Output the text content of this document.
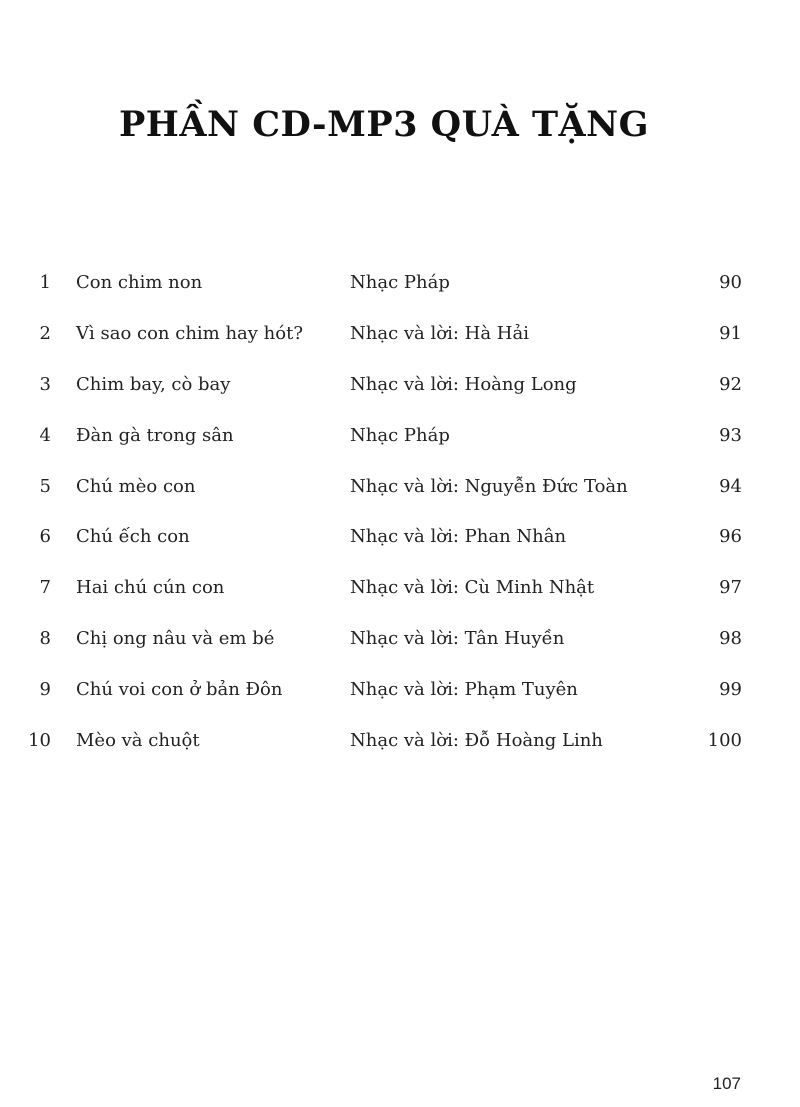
PHẦN CD-MP3 QUÀ TẶNG
1 Con chim non	Nhạc Pháp	90
2 Vì sao con chim hay hót?	Nhạc và lời: Hà Hải	91
3 Chim bay, cò bay	Nhạc và lời: Hoàng Long	92
4 Đàn gà trong sân	Nhạc Pháp	93
5 Chú mèo con	Nhạc và lời: Nguyễn Đức Toàn	94
6 Chú ếch con	Nhạc và lời: Phan Nhân	96
7 Hai chú cún con	Nhạc và lời: Cù Minh Nhật	97
8 Chị ong nâu và em bé	Nhạc và lời: Tân Huyền	98
9 Chú voi con ở bản Đôn	Nhạc và lời: Phạm Tuyên	99
10 Mèo và chuột	Nhạc và lời: Đỗ Hoàng Linh	100
107
